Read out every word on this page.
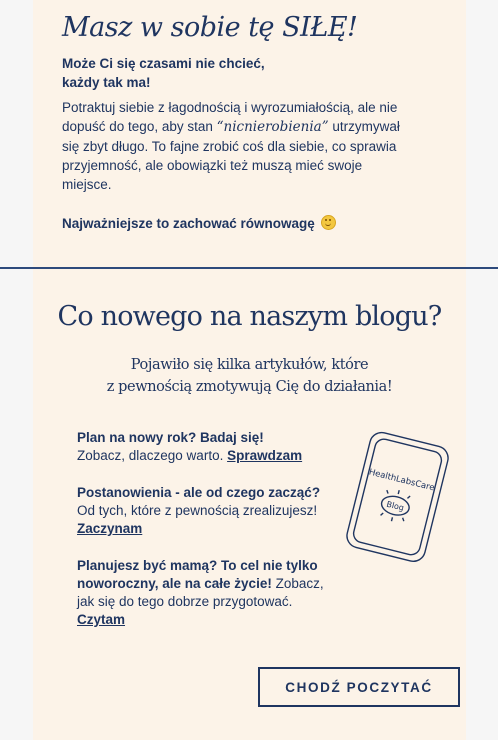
Masz w sobie tę SIŁĘ!
Może Ci się czasami nie chcieć,
każdy tak ma!
Potraktuj siebie z łagodnością i wyrozumiałością, ale nie dopuść do tego, aby stan “nicnierobienia” utrzymywał się zbyt długo. To fajne zrobić coś dla siebie, co sprawia przyjemność, ale obowiązki też muszą mieć swoje miejsce.
Najważniejsze to zachować równowagę
Co nowego na naszym blogu?
Pojawiło się kilka artykułów, które
z pewnością zmotywują Cię do działania!
Plan na nowy rok? Badaj się!
Zobacz, dlaczego warto. Sprawdzam
Postanowienia - ale od czego zacząć? Od tych, które z pewnością zrealizujesz! Zaczynam
Planujesz być mamą? To cel nie tylko noworoczny, ale na całe życie! Zobacz, jak się do tego dobrze przygotować. Czytam
HealthLabsCare
Blog
CHODŹ POCZYTAĆ
